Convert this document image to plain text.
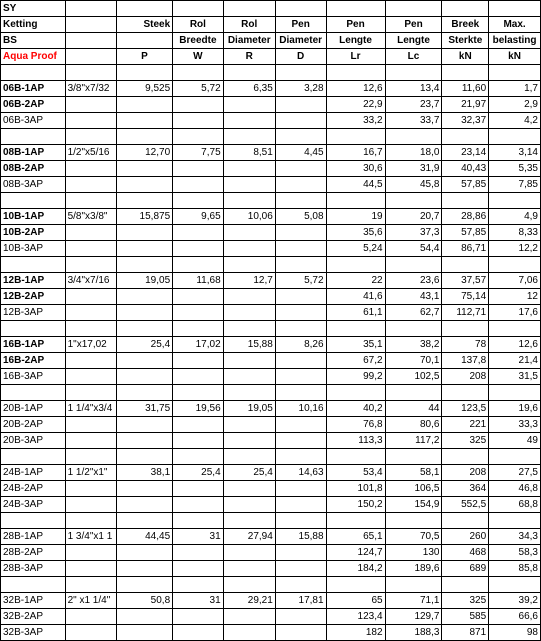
SY									
Ketting		Steek	Rol	Rol	Pen	Pen	Pen	Breek	Max.
BS			Breedte	Diameter	Diameter	Lengte	Lengte	Sterkte	belasting
Aqua Proof		P	W	R	D	Lr	Lc	kN	kN

06B-1AP	3/8"x7/32	9,525	5,72	6,35	3,28	12,6	13,4	11,60	1,7
06B-2AP						22,9	23,7	21,97	2,9
06B-3AP						33,2	33,7	32,37	4,2

08B-1AP	1/2"x5/16	12,70	7,75	8,51	4,45	16,7	18,0	23,14	3,14
08B-2AP						30,6	31,9	40,43	5,35
08B-3AP						44,5	45,8	57,85	7,85

10B-1AP	5/8"x3/8"	15,875	9,65	10,06	5,08	19	20,7	28,86	4,9
10B-2AP						35,6	37,3	57,85	8,33
10B-3AP						5,24	54,4	86,71	12,2

12B-1AP	3/4"x7/16	19,05	11,68	12,7	5,72	22	23,6	37,57	7,06
12B-2AP						41,6	43,1	75,14	12
12B-3AP						61,1	62,7	112,71	17,6

16B-1AP	1"x17,02	25,4	17,02	15,88	8,26	35,1	38,2	78	12,6
16B-2AP						67,2	70,1	137,8	21,4
16B-3AP						99,2	102,5	208	31,5

20B-1AP	1 1/4"x3/4	31,75	19,56	19,05	10,16	40,2	44	123,5	19,6
20B-2AP						76,8	80,6	221	33,3
20B-3AP						113,3	117,2	325	49

24B-1AP	1 1/2"x1"	38,1	25,4	25,4	14,63	53,4	58,1	208	27,5
24B-2AP						101,8	106,5	364	46,8
24B-3AP						150,2	154,9	552,5	68,8

28B-1AP	1 3/4"x1 1	44,45	31	27,94	15,88	65,1	70,5	260	34,3
28B-2AP						124,7	130	468	58,3
28B-3AP						184,2	189,6	689	85,8

32B-1AP	2" x1 1/4"	50,8	31	29,21	17,81	65	71,1	325	39,2
32B-2AP						123,4	129,7	585	66,6
32B-3AP						182	188,3	871	98
